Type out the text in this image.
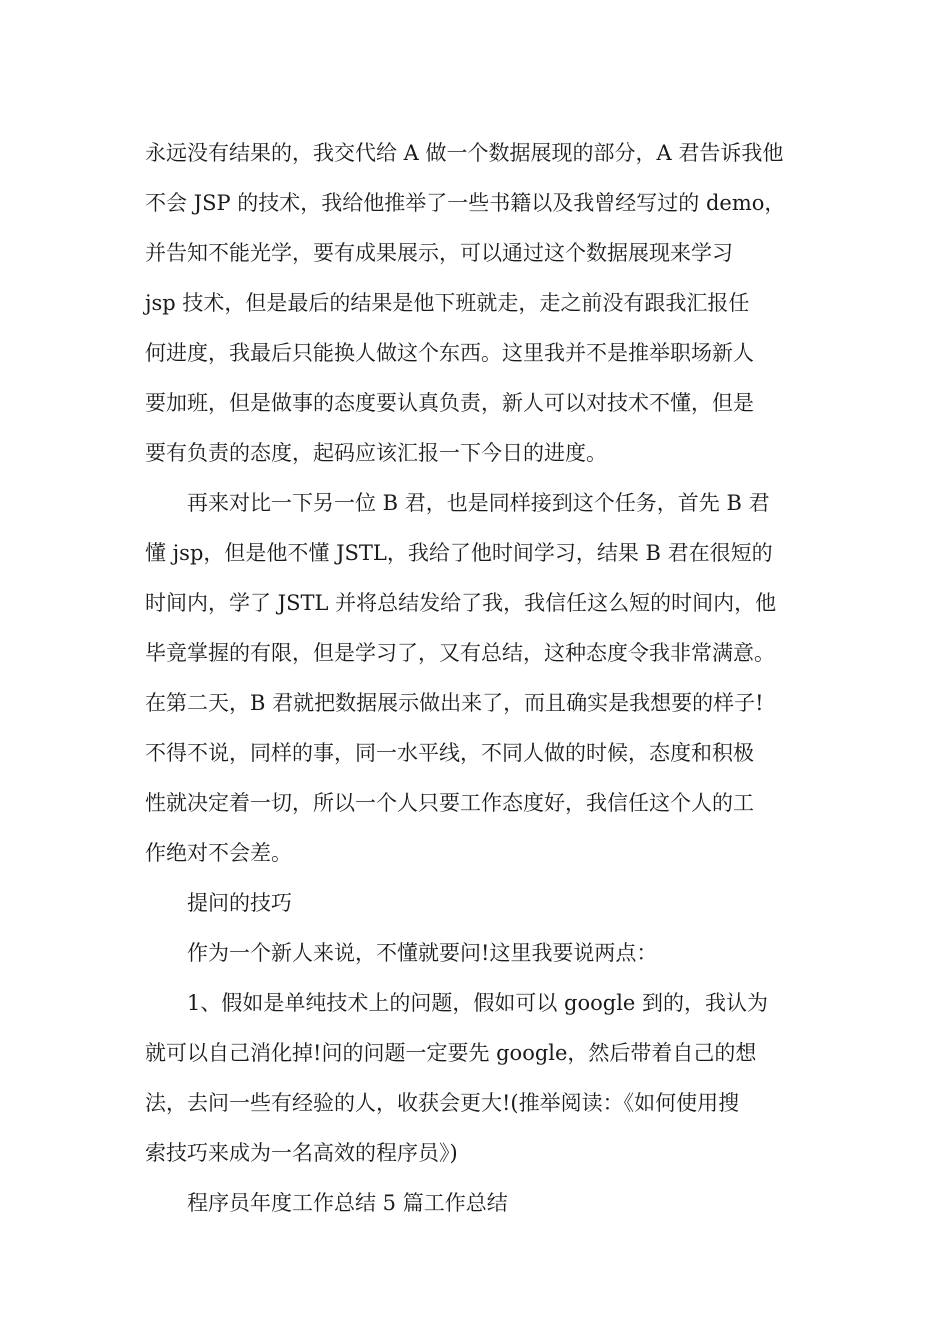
永远没有结果的，我交代给 A 做一个数据展现的部分，A 君告诉我他
不会 JSP 的技术，我给他推举了一些书籍以及我曾经写过的 demo，
并告知不能光学，要有成果展示，可以通过这个数据展现来学习
jsp 技术，但是最后的结果是他下班就走，走之前没有跟我汇报任
何进度，我最后只能换人做这个东西。这里我并不是推举职场新人
要加班，但是做事的态度要认真负责，新人可以对技术不懂，但是
要有负责的态度，起码应该汇报一下今日的进度。
再来对比一下另一位 B 君，也是同样接到这个任务，首先 B 君
懂 jsp，但是他不懂 JSTL，我给了他时间学习，结果 B 君在很短的
时间内，学了 JSTL 并将总结发给了我，我信任这么短的时间内，他
毕竟掌握的有限，但是学习了，又有总结，这种态度令我非常满意。
在第二天，B 君就把数据展示做出来了，而且确实是我想要的样子!
不得不说，同样的事，同一水平线，不同人做的时候，态度和积极
性就决定着一切，所以一个人只要工作态度好，我信任这个人的工
作绝对不会差。
提问的技巧
作为一个新人来说，不懂就要问!这里我要说两点：
1、假如是单纯技术上的问题，假如可以 google 到的，我认为
就可以自己消化掉!问的问题一定要先 google，然后带着自己的想
法，去问一些有经验的人，收获会更大!(推举阅读：《如何使用搜
索技巧来成为一名高效的程序员》)
程序员年度工作总结 5 篇工作总结
